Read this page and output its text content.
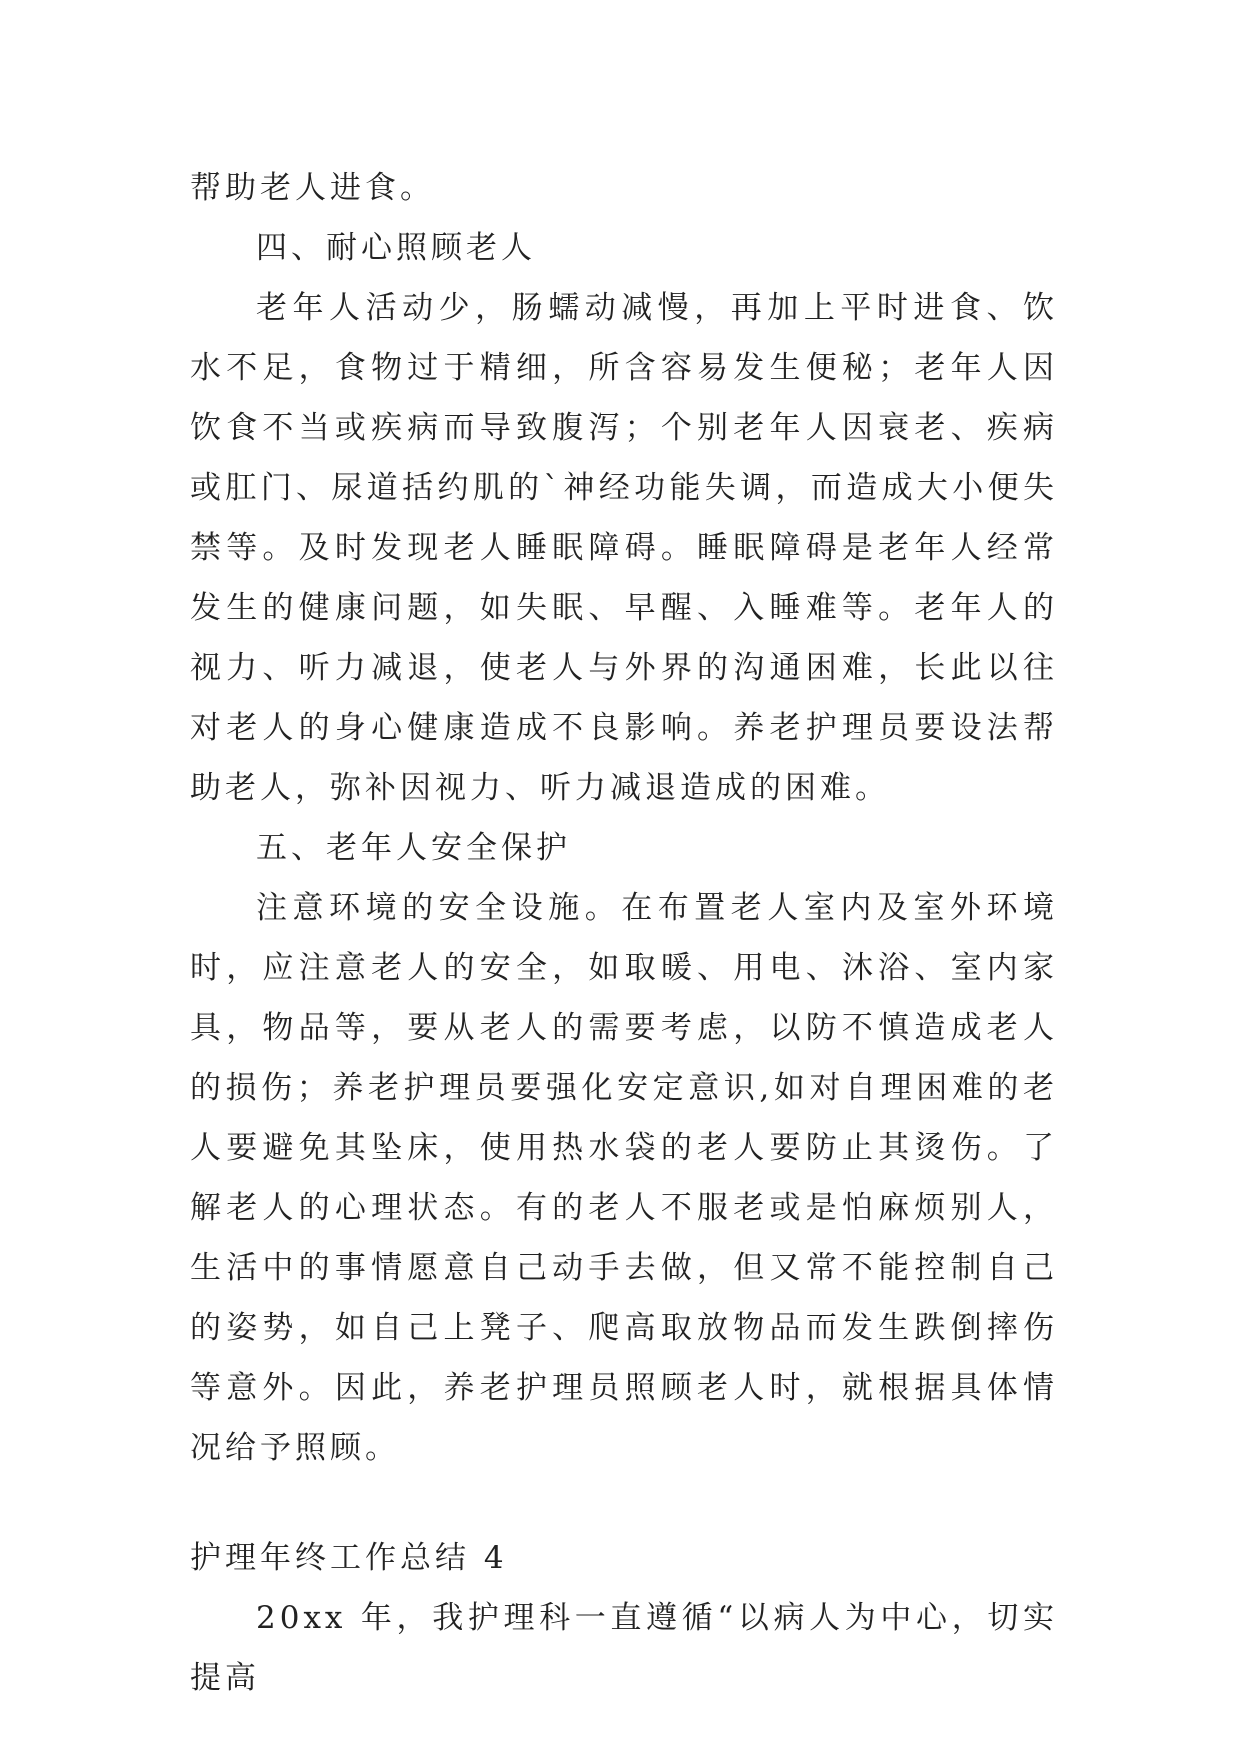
帮助老人进食。

四、耐心照顾老人

老年人活动少，肠蠕动减慢，再加上平时进食、饮水不足，食物过于精细，所含容易发生便秘；老年人因饮食不当或疾病而导致腹泻；个别老年人因衰老、疾病或肛门、尿道括约肌的`神经功能失调，而造成大小便失禁等。及时发现老人睡眠障碍。睡眠障碍是老年人经常发生的健康问题，如失眠、早醒、入睡难等。老年人的视力、听力减退，使老人与外界的沟通困难，长此以往对老人的身心健康造成不良影响。养老护理员要设法帮助老人，弥补因视力、听力减退造成的困难。

五、老年人安全保护

注意环境的安全设施。在布置老人室内及室外环境时，应注意老人的安全，如取暖、用电、沐浴、室内家具，物品等，要从老人的需要考虑，以防不慎造成老人的损伤；养老护理员要强化安定意识,如对自理困难的老人要避免其坠床，使用热水袋的老人要防止其烫伤。了解老人的心理状态。有的老人不服老或是怕麻烦别人，生活中的事情愿意自己动手去做，但又常不能控制自己的姿势，如自己上凳子、爬高取放物品而发生跌倒摔伤等意外。因此，养老护理员照顾老人时，就根据具体情况给予照顾。

护理年终工作总结 4

20xx 年，我护理科一直遵循“以病人为中心，切实提高
